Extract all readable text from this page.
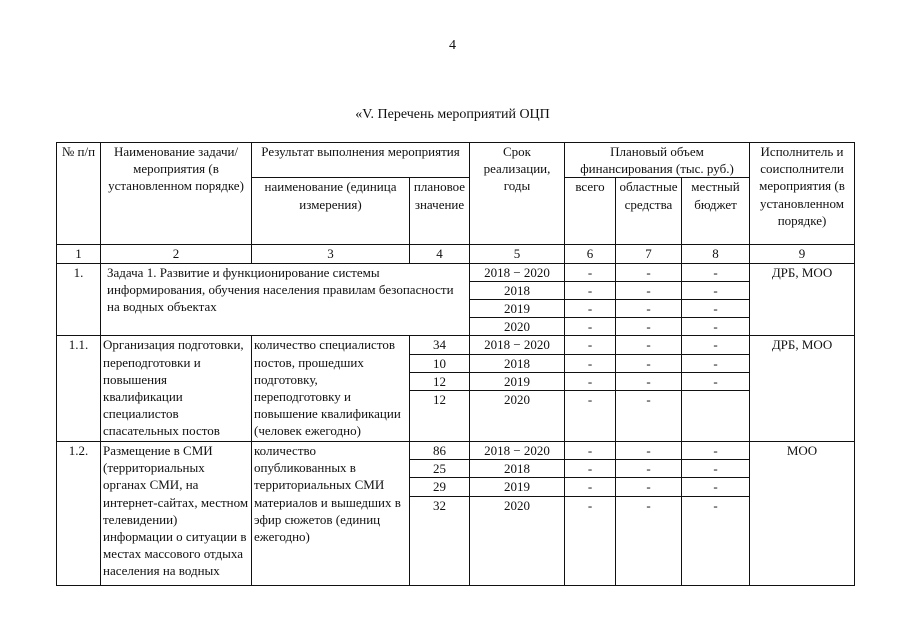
4
«V. Перечень мероприятий ОЦП
№ п/п	Наименование задачи/мероприятия (в установленном порядке)	Результат выполнения мероприятия		Срок реализации, годы	Плановый объем финансирования (тыс. руб.)			Исполнитель и соисполнители мероприятия (в установленном порядке)
		наименование (единица измерения)	плановое значение		всего	областные средства	местный бюджет	
1	2	3	4	5	6	7	8	9
1.	Задача 1. Развитие и функционирование системы информирования, обучения населения правилам безопасности на водных объектах			2018 − 2020	-	-	-	ДРБ, МОО
				2018	-	-	-	
				2019	-	-	-	
				2020	-	-	-	
1.1.	Организация подготовки, переподготовки и повышения квалификации специалистов спасательных постов	количество специалистов постов, прошедших подготовку, переподготовку и повышение квалификации (человек ежегодно)	34	2018 − 2020	-	-	-	ДРБ, МОО
			10	2018	-	-	-	
			12	2019	-	-	-	
			12	2020	-	-		
1.2.	Размещение в СМИ (территориальных органах СМИ, на интернет-сайтах, местном телевидении) информации о ситуации в местах массового отдыха населения на водных	количество опубликованных в территориальных СМИ материалов и вышедших в эфир сюжетов (единиц ежегодно)	86	2018 − 2020	-	-	-	МОО
			25	2018	-	-	-	
			29	2019	-	-	-	
			32	2020	-	-	-	
